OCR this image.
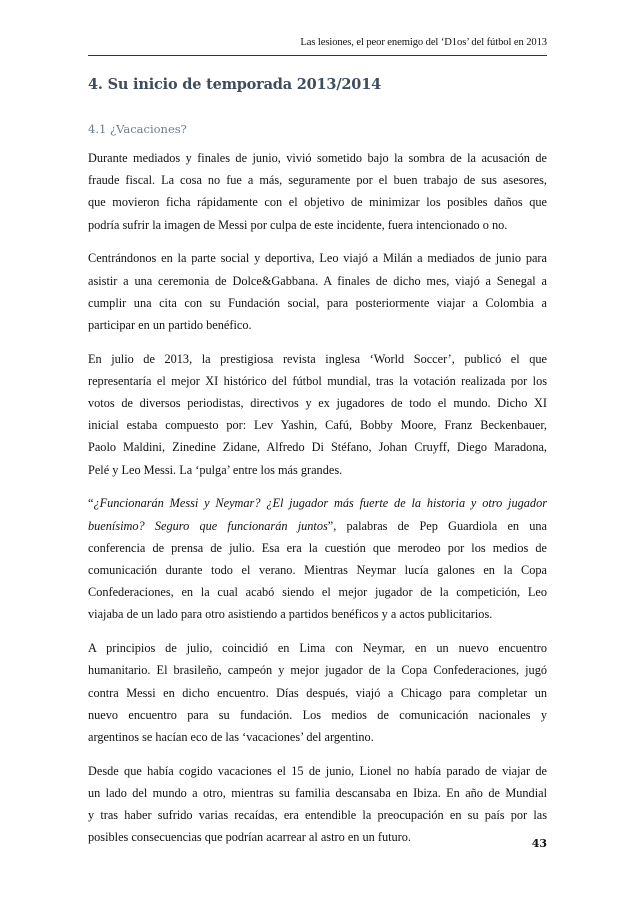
Las lesiones, el peor enemigo del ‘D1os’ del fútbol en 2013
4. Su inicio de temporada 2013/2014
4.1 ¿Vacaciones?

Durante mediados y finales de junio, vivió sometido bajo la sombra de la acusación de
fraude fiscal. La cosa no fue a más, seguramente por el buen trabajo de sus asesores,
que movieron ficha rápidamente con el objetivo de minimizar los posibles daños que
podría sufrir la imagen de Messi por culpa de este incidente, fuera intencionado o no.

Centrándonos en la parte social y deportiva, Leo viajó a Milán a mediados de junio para
asistir a una ceremonia de Dolce&Gabbana. A finales de dicho mes, viajó a Senegal a
cumplir una cita con su Fundación social, para posteriormente viajar a Colombia a
participar en un partido benéfico.

En julio de 2013, la prestigiosa revista inglesa ‘World Soccer’, publicó el que
representaría el mejor XI histórico del fútbol mundial, tras la votación realizada por los
votos de diversos periodistas, directivos y ex jugadores de todo el mundo. Dicho XI
inicial estaba compuesto por: Lev Yashin, Cafú, Bobby Moore, Franz Beckenbauer,
Paolo Maldini, Zinedine Zidane, Alfredo Di Stéfano, Johan Cruyff, Diego Maradona,
Pelé y Leo Messi. La ‘pulga’ entre los más grandes.

“¿Funcionarán Messi y Neymar? ¿El jugador más fuerte de la historia y otro jugador
buenísimo? Seguro que funcionarán juntos”, palabras de Pep Guardiola en una
conferencia de prensa de julio. Esa era la cuestión que merodeo por los medios de
comunicación durante todo el verano. Mientras Neymar lucía galones en la Copa
Confederaciones, en la cual acabó siendo el mejor jugador de la competición, Leo
viajaba de un lado para otro asistiendo a partidos benéficos y a actos publicitarios.

A principios de julio, coincidió en Lima con Neymar, en un nuevo encuentro
humanitario. El brasileño, campeón y mejor jugador de la Copa Confederaciones, jugó
contra Messi en dicho encuentro. Días después, viajó a Chicago para completar un
nuevo encuentro para su fundación. Los medios de comunicación nacionales y
argentinos se hacían eco de las ‘vacaciones’ del argentino.

Desde que había cogido vacaciones el 15 de junio, Lionel no había parado de viajar de
un lado del mundo a otro, mientras su familia descansaba en Ibiza. En año de Mundial
y tras haber sufrido varias recaídas, era entendible la preocupación en su país por las
posibles consecuencias que podrían acarrear al astro en un futuro.	43
